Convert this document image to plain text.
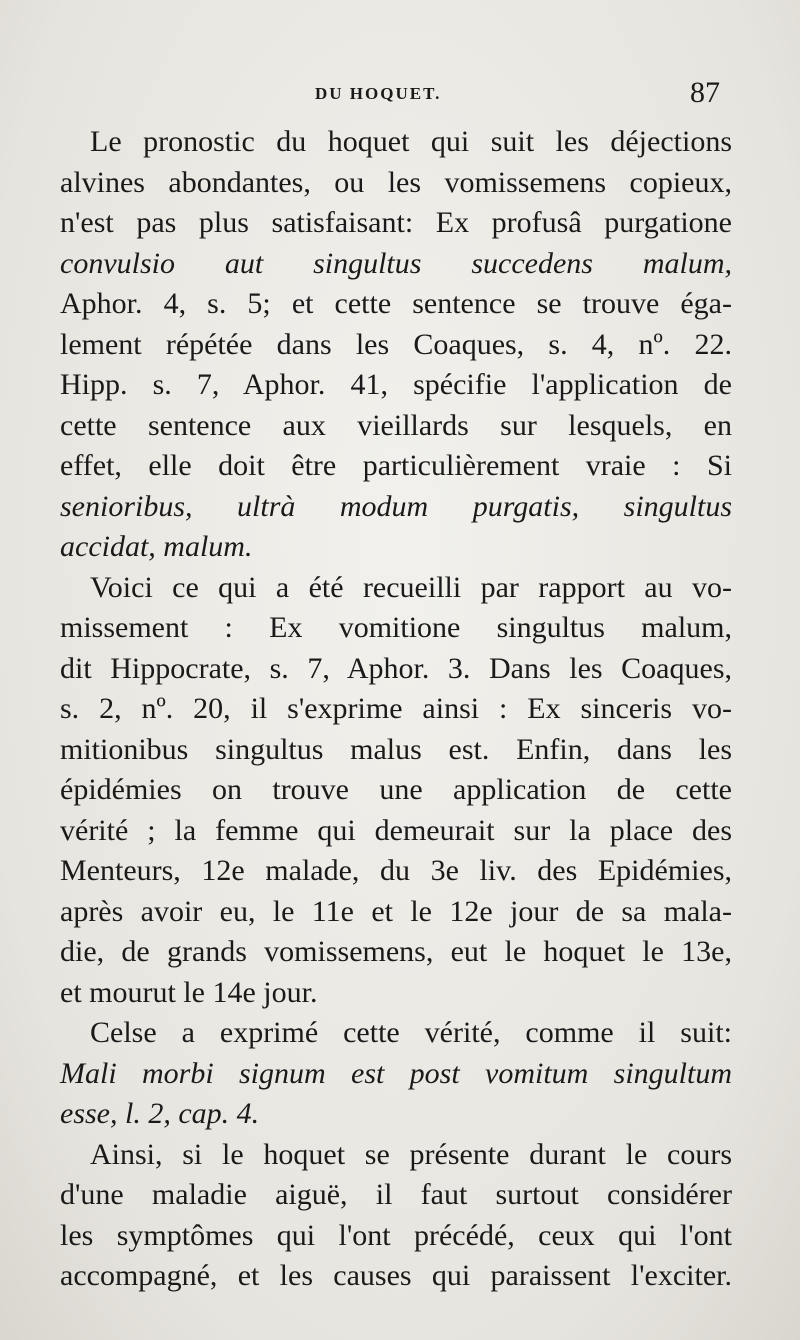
DU HOQUET.	87
Le pronostic du hoquet qui suit les déjections
alvines abondantes, ou les vomissemens copieux,
n'est pas plus satisfaisant: Ex profusâ purgatione
convulsio aut singultus succedens malum,
Aphor. 4, s. 5; et cette sentence se trouve éga-
lement répétée dans les Coaques, s. 4, nº. 22.
Hipp. s. 7, Aphor. 41, spécifie l'application de
cette sentence aux vieillards sur lesquels, en
effet, elle doit être particulièrement vraie : Si
senioribus, ultrà modum purgatis, singultus
accidat, malum.
Voici ce qui a été recueilli par rapport au vo-
missement : Ex vomitione singultus malum,
dit Hippocrate, s. 7, Aphor. 3. Dans les Coaques,
s. 2, nº. 20, il s'exprime ainsi : Ex sinceris vo-
mitionibus singultus malus est. Enfin, dans les
épidémies on trouve une application de cette
vérité ; la femme qui demeurait sur la place des
Menteurs, 12e malade, du 3e liv. des Epidémies,
après avoir eu, le 11e et le 12e jour de sa mala-
die, de grands vomissemens, eut le hoquet le 13e,
et mourut le 14e jour.
Celse a exprimé cette vérité, comme il suit:
Mali morbi signum est post vomitum singultum
esse, l. 2, cap. 4.
Ainsi, si le hoquet se présente durant le cours
d'une maladie aiguë, il faut surtout considérer
les symptômes qui l'ont précédé, ceux qui l'ont
accompagné, et les causes qui paraissent l'exciter.
